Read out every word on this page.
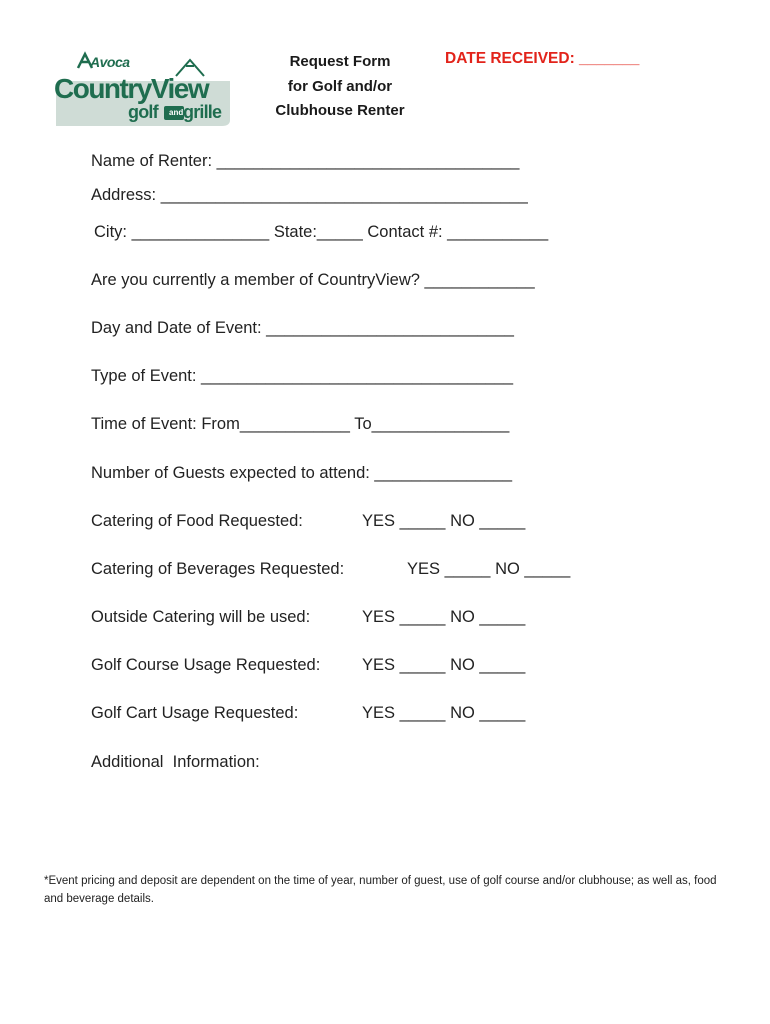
Avoca
CountryView
golf and grille
Request Form
for Golf and/or
Clubhouse Renter
DATE RECEIVED: _______
Name of Renter: _________________________________
Address: ________________________________________
City: _______________ State:_____ Contact #: ___________
Are you currently a member of CountryView? ____________
Day and Date of Event: ___________________________
Type of Event: __________________________________
Time of Event: From____________ To_______________
Number of Guests expected to attend: _______________
Catering of Food Requested:	YES _____ NO _____
Catering of Beverages Requested:	YES _____ NO _____
Outside Catering will be used:	YES _____ NO _____
Golf Course Usage Requested:	YES _____ NO _____
Golf Cart Usage Requested:	YES _____ NO _____
Additional  Information:
*Event pricing and deposit are dependent on the time of year, number of guest, use of golf course and/or clubhouse; as well as, food and beverage details.
